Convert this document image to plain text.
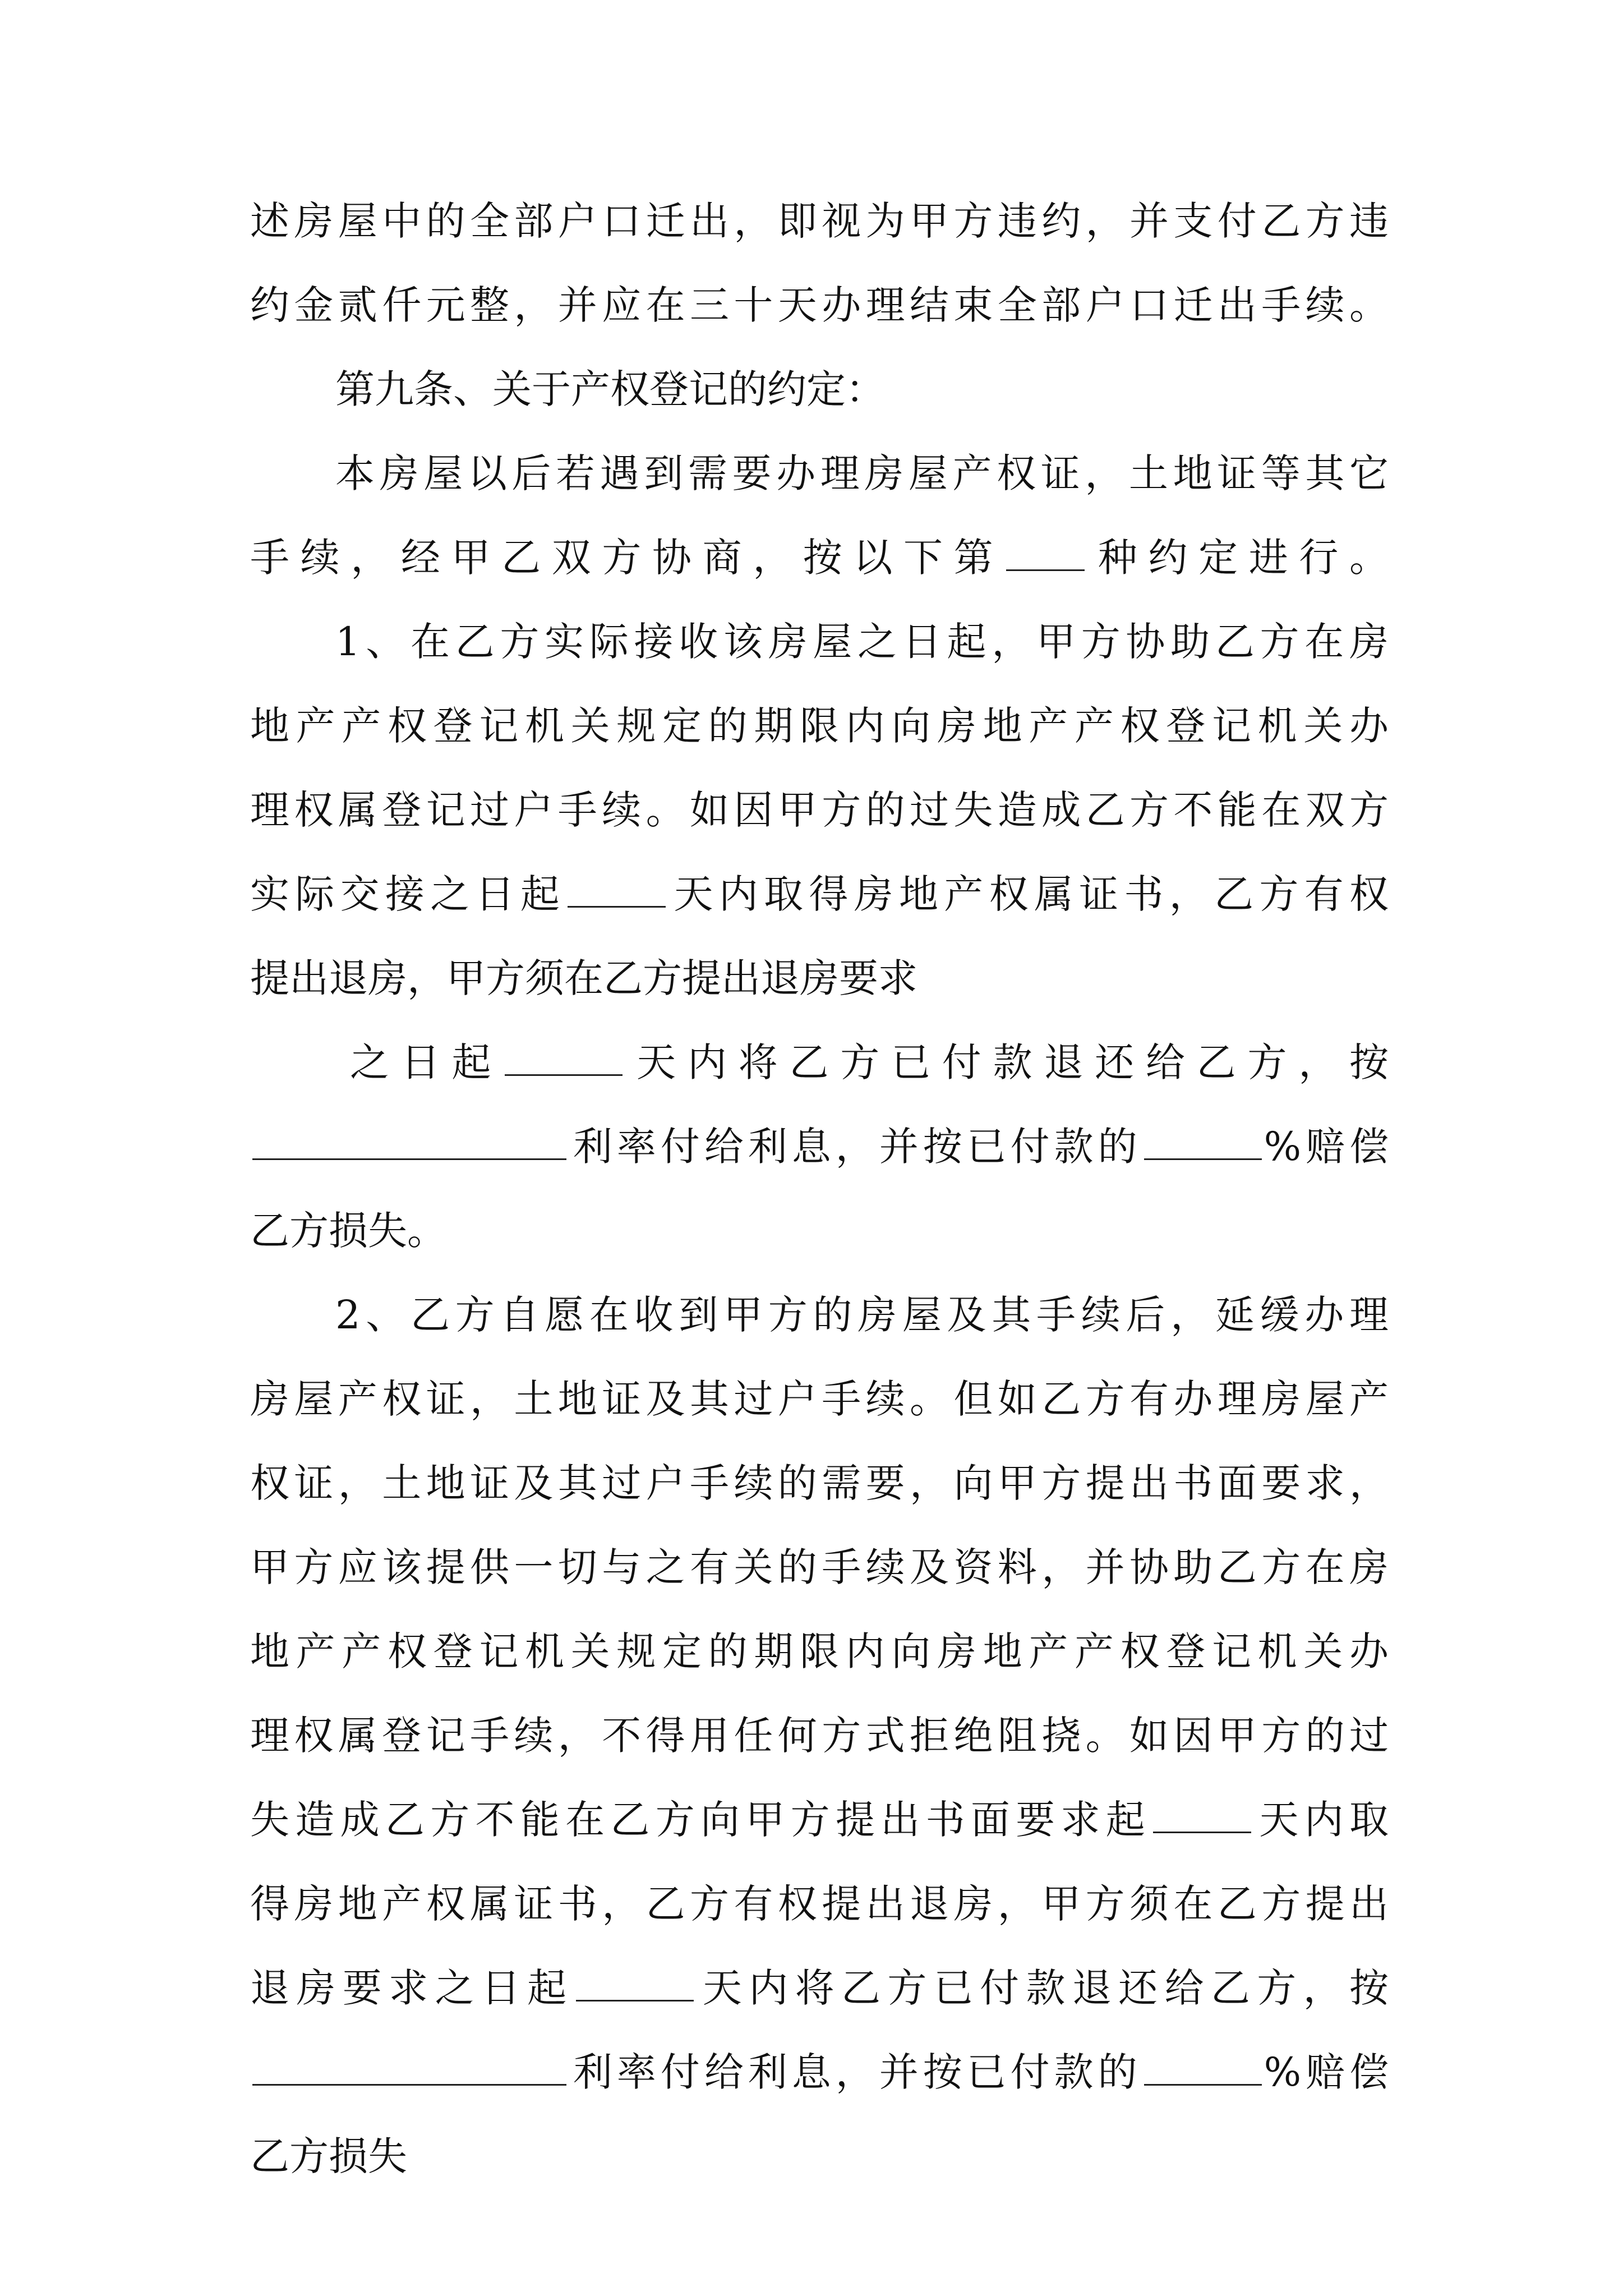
述房屋中的全部户口迁出，即视为甲方违约，并支付乙方违
约金贰仟元整，并应在三十天办理结束全部户口迁出手续。
第九条、关于产权登记的约定：
本房屋以后若遇到需要办理房屋产权证，土地证等其它
手续，经甲乙双方协商，按以下第 种约定进行。
1、在乙方实际接收该房屋之日起，甲方协助乙方在房
地产产权登记机关规定的期限内向房地产产权登记机关办
理权属登记过户手续。如因甲方的过失造成乙方不能在双方
实际交接之日起	天内取得房地产权属证书，乙方有权
提出退房，甲方须在乙方提出退房要求
之日起	天内将乙方已付款退还给乙方，按
利率付给利息，并按已付款的	%赔偿
乙方损失。
2、乙方自愿在收到甲方的房屋及其手续后，延缓办理
房屋产权证，土地证及其过户手续。但如乙方有办理房屋产
权证，土地证及其过户手续的需要，向甲方提出书面要求，
甲方应该提供一切与之有关的手续及资料，并协助乙方在房
地产产权登记机关规定的期限内向房地产产权登记机关办
理权属登记手续，不得用任何方式拒绝阻挠。如因甲方的过
失造成乙方不能在乙方向甲方提出书面要求起	天内取
得房地产权属证书，乙方有权提出退房，甲方须在乙方提出
退房要求之日起	天内将乙方已付款退还给乙方，按
利率付给利息，并按已付款的	%赔偿
乙方损失
